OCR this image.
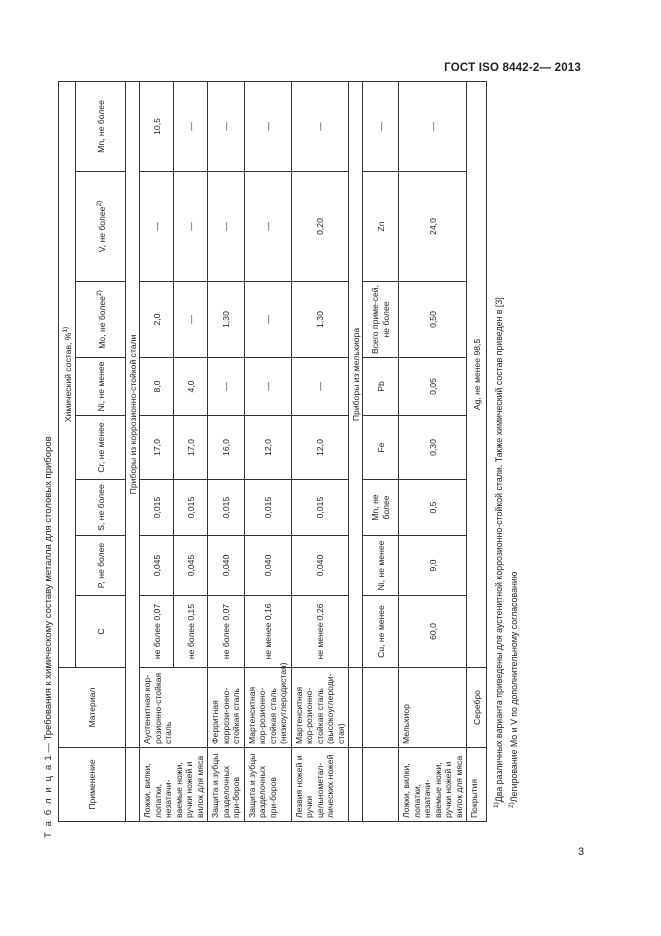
ГОСТ ISO 8442-2— 2013
Т а б л и ц а 1 — Требования к химическому составу металла для столовых приборов
Применение	Материал	Химический состав, %$^{1)}$
		C	P, не более	S, не более	Cr, не менее	Ni, не менее	Mo, не более$^{2)}$	V, не более$^{2)}$	Mn, не более
	Приборы из коррозионно-стойкой стали								
Ложки, вилки, лопатки, незатачи-ваемые ножи, ручки ножей и вилок для мяса	Аустенитная кор-розионно-стойкая сталь	не более 0,07	0,045	0,015	17,0	8,0	2,0	—	10,5
		не более 0,15	0,045	0,015	17,0	4,0	—	—	—
Защита и зубцы разделочных при-боров	Ферритная коррози-онно-стойкая сталь	не более 0,07	0,040	0,015	16,0	—	1,30	—	—
Защита и зубцы разделочных при-боров	Мартенситная кор-розионно-стойкая сталь (низкоуглеродистая)	не менее 0,16	0,040	0,015	12,0	—	—	—	—
Лезвия ножей и ручки цельнометал-лических ножей	Мартенситная кор-розионно-стойкая сталь (высокоуглероди-стая)	не менее 0,26	0,040	0,015	12,0	—	1,30	0,20	—
		Приборы из мельхиора							
		Cu, не менее	Ni, не менее	Mn, не более	Fe	Pb	Всего приме-сей, не более	Zn	—
Ложки, вилки, лопатки, незатачи-ваемые ножи, ручки ножей и вилок для мяса	Мельхиор	60,0	9,0	0,5	0,30	0,05	0,50	24,0	—
Покрытия	Серебро	Ag, не менее 98,5							
$^{1)}$Два различных варианта приведены для аустенитной коррозионно-стойкой стали. Также химический состав приведен в [3]
$^{2)}$Легирование Mo и V по дополнительному согласованию
3
